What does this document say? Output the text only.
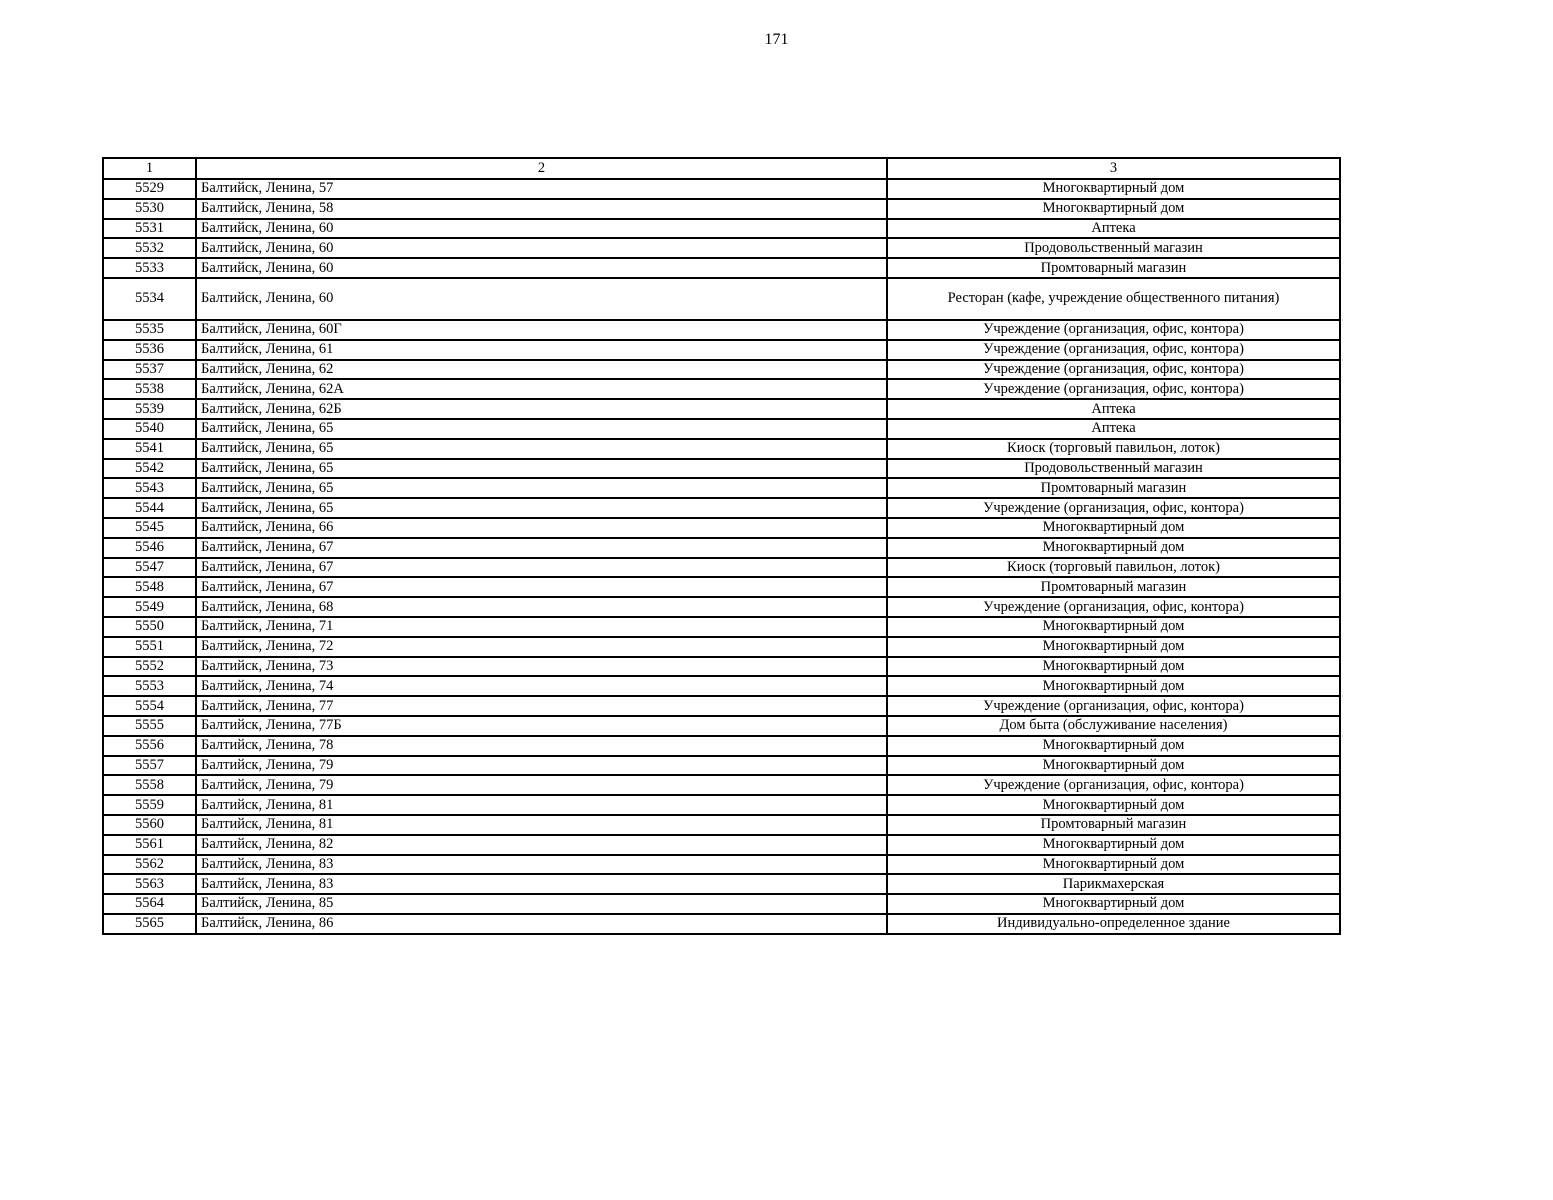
171
1	2	3
5529	Балтийск, Ленина, 57	Многоквартирный дом
5530	Балтийск, Ленина, 58	Многоквартирный дом
5531	Балтийск, Ленина, 60	Аптека
5532	Балтийск, Ленина, 60	Продовольственный магазин
5533	Балтийск, Ленина, 60	Промтоварный магазин
5534	Балтийск, Ленина, 60	Ресторан (кафе, учреждение общественного питания)
5535	Балтийск, Ленина, 60Г	Учреждение (организация, офис, контора)
5536	Балтийск, Ленина, 61	Учреждение (организация, офис, контора)
5537	Балтийск, Ленина, 62	Учреждение (организация, офис, контора)
5538	Балтийск, Ленина, 62А	Учреждение (организация, офис, контора)
5539	Балтийск, Ленина, 62Б	Аптека
5540	Балтийск, Ленина, 65	Аптека
5541	Балтийск, Ленина, 65	Киоск (торговый павильон, лоток)
5542	Балтийск, Ленина, 65	Продовольственный магазин
5543	Балтийск, Ленина, 65	Промтоварный магазин
5544	Балтийск, Ленина, 65	Учреждение (организация, офис, контора)
5545	Балтийск, Ленина, 66	Многоквартирный дом
5546	Балтийск, Ленина, 67	Многоквартирный дом
5547	Балтийск, Ленина, 67	Киоск (торговый павильон, лоток)
5548	Балтийск, Ленина, 67	Промтоварный магазин
5549	Балтийск, Ленина, 68	Учреждение (организация, офис, контора)
5550	Балтийск, Ленина, 71	Многоквартирный дом
5551	Балтийск, Ленина, 72	Многоквартирный дом
5552	Балтийск, Ленина, 73	Многоквартирный дом
5553	Балтийск, Ленина, 74	Многоквартирный дом
5554	Балтийск, Ленина, 77	Учреждение (организация, офис, контора)
5555	Балтийск, Ленина, 77Б	Дом быта (обслуживание населения)
5556	Балтийск, Ленина, 78	Многоквартирный дом
5557	Балтийск, Ленина, 79	Многоквартирный дом
5558	Балтийск, Ленина, 79	Учреждение (организация, офис, контора)
5559	Балтийск, Ленина, 81	Многоквартирный дом
5560	Балтийск, Ленина, 81	Промтоварный магазин
5561	Балтийск, Ленина, 82	Многоквартирный дом
5562	Балтийск, Ленина, 83	Многоквартирный дом
5563	Балтийск, Ленина, 83	Парикмахерская
5564	Балтийск, Ленина, 85	Многоквартирный дом
5565	Балтийск, Ленина, 86	Индивидуально-определенное здание
